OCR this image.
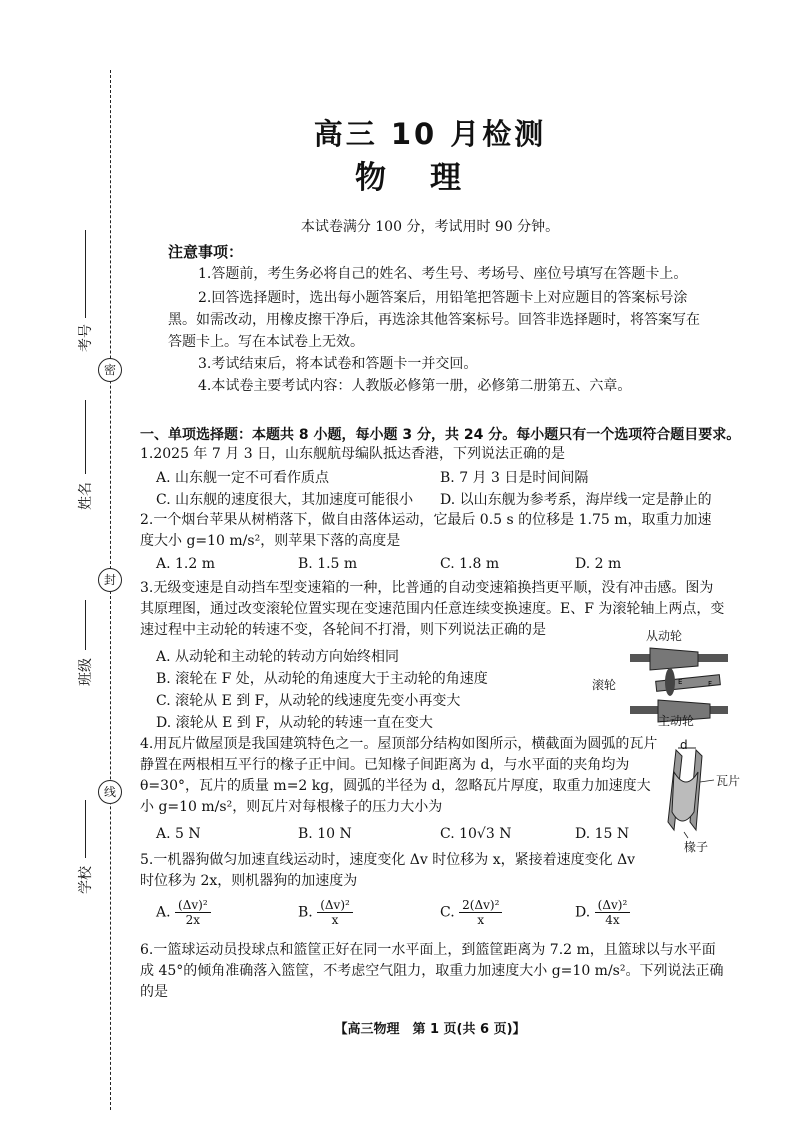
密
封
线
考号
姓名
班级
学校
高三 10 月检测
物理
本试卷满分 100 分，考试用时 90 分钟。
注意事项：
1.答题前，考生务必将自己的姓名、考生号、考场号、座位号填写在答题卡上。
2.回答选择题时，选出每小题答案后，用铅笔把答题卡上对应题目的答案标号涂
黑。如需改动，用橡皮擦干净后，再选涂其他答案标号。回答非选择题时，将答案写在
答题卡上。写在本试卷上无效。
3.考试结束后，将本试卷和答题卡一并交回。
4.本试卷主要考试内容：人教版必修第一册，必修第二册第五、六章。
一、单项选择题：本题共 8 小题，每小题 3 分，共 24 分。每小题只有一个选项符合题目要求。
1.2025 年 7 月 3 日，山东舰航母编队抵达香港，下列说法正确的是
A. 山东舰一定不可看作质点	B. 7 月 3 日是时间间隔
C. 山东舰的速度很大，其加速度可能很小 D. 以山东舰为参考系，海岸线一定是静止的
2.一个烟台苹果从树梢落下，做自由落体运动，它最后 0.5 s 的位移是 1.75 m，取重力加速度大小 g=10 m/s²，则苹果下落的高度是
A. 1.2 m	B. 1.5 m	C. 1.8 m	D. 2 m
3.无级变速是自动挡车型变速箱的一种，比普通的自动变速箱换挡更平顺，没有冲击感。图为其原理图，通过改变滚轮位置实现在变速范围内任意连续变换速度。E、F 为滚轮轴上两点，变速过程中主动轮的转速不变，各轮间不打滑，则下列说法正确的是
A. 从动轮和主动轮的转动方向始终相同
B. 滚轮在 F 处，从动轮的角速度大于主动轮的角速度
C. 滚轮从 E 到 F，从动轮的线速度先变小再变大
D. 滚轮从 E 到 F，从动轮的转速一直在变大
E	F
从动轮
滚轮
主动轮
4.用瓦片做屋顶是我国建筑特色之一。屋顶部分结构如图所示，横截面为圆弧的瓦片静置在两根相互平行的椽子正中间。已知椽子间距离为 d，与水平面的夹角均为 θ=30°，瓦片的质量 m=2 kg，圆弧的半径为 d，忽略瓦片厚度，取重力加速度大小 g=10 m/s²，则瓦片对每根椽子的压力大小为
A. 5 N	B. 10 N	C. 10√3 N	D. 15 N
d
瓦片
椽子
5.一机器狗做匀加速直线运动时，速度变化 Δv 时位移为 x，紧接着速度变化 Δv 时位移为 2x，则机器狗的加速度为
A. $\frac{\text{(Δv)²}}{2x}$	B. $\frac{\text{(Δv)²}}{x}$	C. $\frac{\text{2(Δv)²}}{x}$	D. $\frac{\text{(Δv)²}}{4x}$
6.一篮球运动员投球点和篮筐正好在同一水平面上，到篮筐距离为 7.2 m，且篮球以与水平面成 45°的倾角准确落入篮筐，不考虑空气阻力，取重力加速度大小 g=10 m/s²。下列说法正确的是
【高三物理　第 1 页(共 6 页)】
